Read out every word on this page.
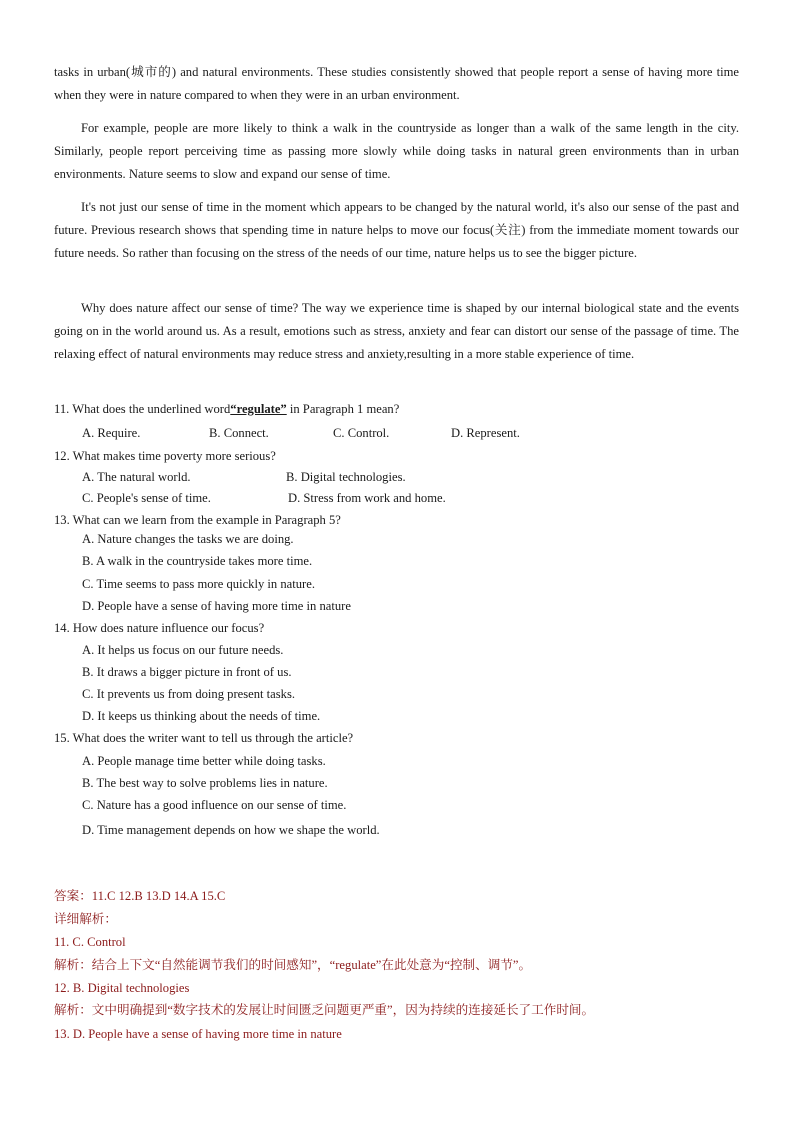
tasks in urban(城市的) and natural environments. These studies consistently showed that people report a sense of having more time when they were in nature compared to when they were in an urban environment.

For example, people are more likely to think a walk in the countryside as longer than a walk of the same length in the city. Similarly, people report perceiving time as passing more slowly while doing tasks in natural green environments than in urban environments. Nature seems to slow and expand our sense of time.

It's not just our sense of time in the moment which appears to be changed by the natural world, it's also our sense of the past and future. Previous research shows that spending time in nature helps to move our focus(关注) from the immediate moment towards our future needs. So rather than focusing on the stress of the needs of our time, nature helps us to see the bigger picture.

Why does nature affect our sense of time? The way we experience time is shaped by our internal biological state and the events going on in the world around us. As a result, emotions such as stress, anxiety and fear can distort our sense of the passage of time. The relaxing effect of natural environments may reduce stress and anxiety,resulting in a more stable experience of time.

11. What does the underlined word“regulate” in Paragraph 1 mean?
A. Require.	B. Connect.	C. Control.	D. Represent.
12. What makes time poverty more serious?
A. The natural world.	B. Digital technologies.
C. People's sense of time.	D. Stress from work and home.
13. What can we learn from the example in Paragraph 5?
A. Nature changes the tasks we are doing.
B. A walk in the countryside takes more time.
C. Time seems to pass more quickly in nature.
D. People have a sense of having more time in nature
14. How does nature influence our focus?
A. It helps us focus on our future needs.
B. It draws a bigger picture in front of us.
C. It prevents us from doing present tasks.
D. It keeps us thinking about the needs of time.
15. What does the writer want to tell us through the article?
A. People manage time better while doing tasks.
B. The best way to solve problems lies in nature.
C. Nature has a good influence on our sense of time.
D. Time management depends on how we shape the world.
答案：11.C 12.B 13.D 14.A 15.C
详细解析：
11. C. Control
解析：结合上下文“自然能调节我们的时间感知”，“regulate”在此处意为“控制、调节”。
12. B. Digital technologies
解析：文中明确提到“数字技术的发展让时间匮乏问题更严重”，因为持续的连接延长了工作时间。
13. D. People have a sense of having more time in nature
